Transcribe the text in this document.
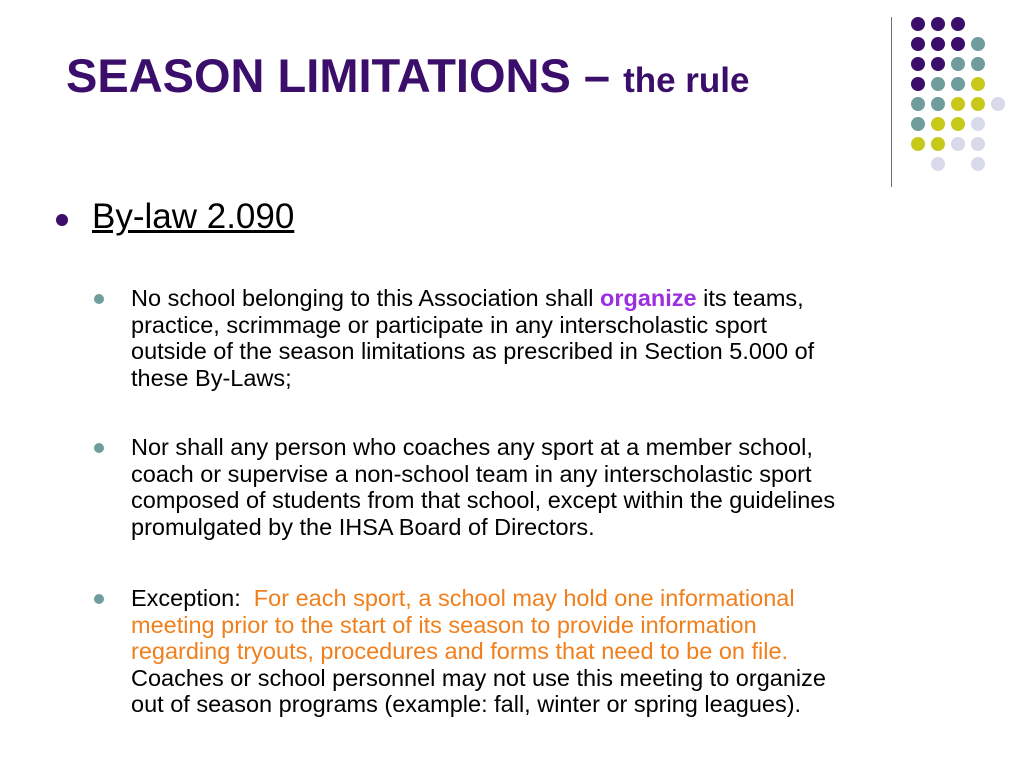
SEASON LIMITATIONS – the rule
By-law 2.090
No school belonging to this Association shall organize its teams,
practice, scrimmage or participate in any interscholastic sport
outside of the season limitations as prescribed in Section 5.000 of
these By-Laws;
Nor shall any person who coaches any sport at a member school,
coach or supervise a non-school team in any interscholastic sport
composed of students from that school, except within the guidelines
promulgated by the IHSA Board of Directors.
Exception: For each sport, a school may hold one informational
meeting prior to the start of its season to provide information
regarding tryouts, procedures and forms that need to be on file.
Coaches or school personnel may not use this meeting to organize
out of season programs (example: fall, winter or spring leagues).
